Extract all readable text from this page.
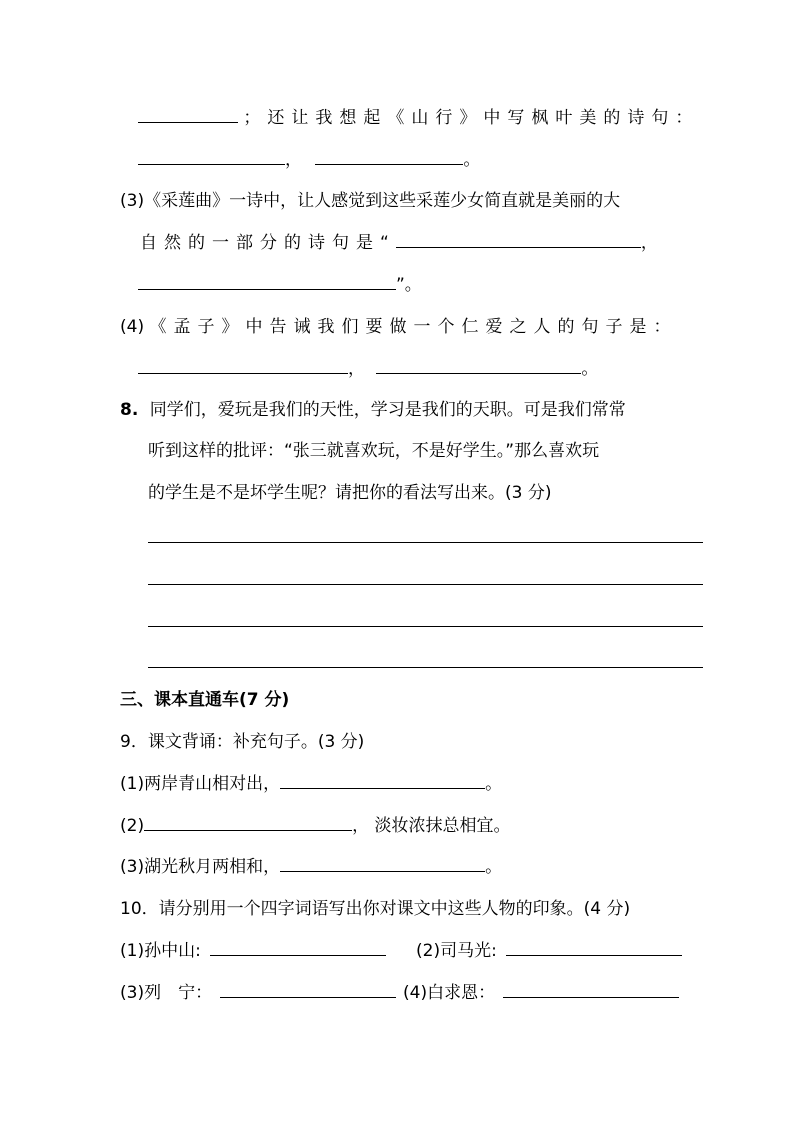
；还让我想起《山行》中写枫叶美的诗句：
，	。
(3)《采莲曲》一诗中，让人感觉到这些采莲少女简直就是美丽的大
自然的一部分的诗句是“	，
”。
(4) 《孟子》中告诫我们要做一个仁爱之人的句子是：
，	。
8. 同学们，爱玩是我们的天性，学习是我们的天职。可是我们常常
听到这样的批评：“张三就喜欢玩，不是好学生。”那么喜欢玩
的学生是不是坏学生呢？请把你的看法写出来。(3 分)
三、课本直通车(7 分)
9．课文背诵：补充句子。(3 分)
(1)两岸青山相对出，	。
(2)	， 淡妆浓抹总相宜。
(3)湖光秋月两相和，	。
10．请分别用一个四字词语写出你对课文中这些人物的印象。(4 分)
(1)孙中山:	(2)司马光:
(3)列　宁：	(4)白求恩：
